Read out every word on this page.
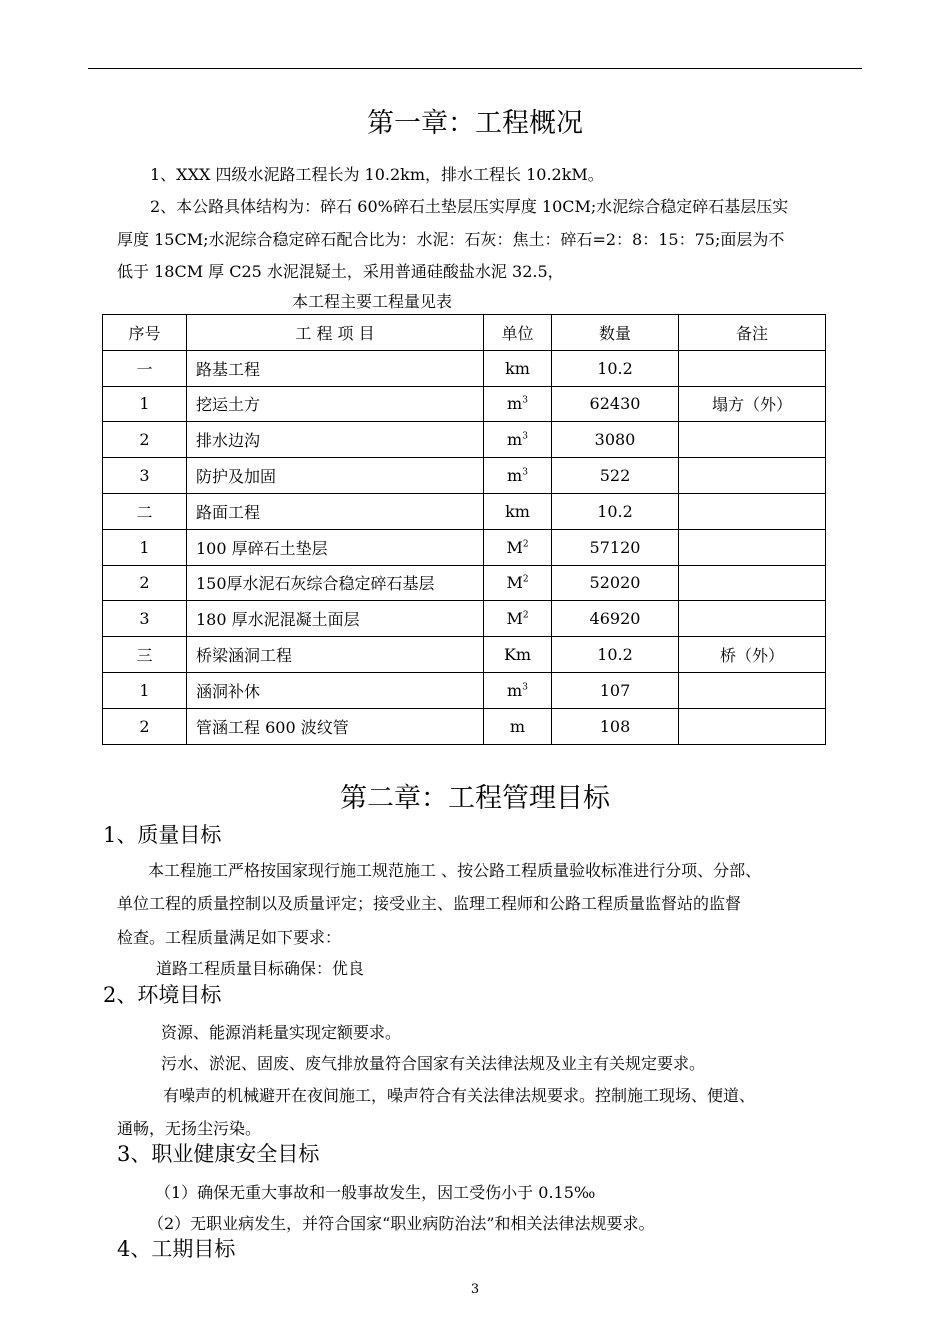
第一章：工程概况
1、XXX 四级水泥路工程长为 10.2km，排水工程长 10.2kM。
2、本公路具体结构为：碎石 60%碎石土垫层压实厚度 10CM;水泥综合稳定碎石基层压实
厚度 15CM;水泥综合稳定碎石配合比为：水泥：石灰：焦土：碎石=2：8：15：75;面层为不
低于 18CM 厚 C25 水泥混疑土，采用普通硅酸盐水泥 32.5，
本工程主要工程量见表
序号	工 程 项 目	单位	数量	备注
一	路基工程	km	10.2	
1	挖运土方	$m^3$	62430	塌方（外）
2	排水边沟	$m^3$	3080	
3	防护及加固	$m^3$	522	
二	路面工程	km	10.2	
1	100 厚碎石土垫层	$M^2$	57120	
2	150厚水泥石灰综合稳定碎石基层	$M^2$	52020	
3	180 厚水泥混凝土面层	$M^2$	46920	
三	桥梁涵洞工程	Km	10.2	桥（外）
1	涵洞补休	$m^3$	107	
2	管涵工程 600 波纹管	m	108	
第二章：工程管理目标
1、质量目标
本工程施工严格按国家现行施工规范施工 、按公路工程质量验收标准进行分项、分部、
单位工程的质量控制以及质量评定；接受业主、监理工程师和公路工程质量监督站的监督
检查。工程质量满足如下要求：
道路工程质量目标确保：优良
2、环境目标
资源、能源消耗量实现定额要求。
污水、淤泥、固废、废气排放量符合国家有关法律法规及业主有关规定要求。
有噪声的机械避开在夜间施工，噪声符合有关法律法规要求。控制施工现场、便道、
通畅，无扬尘污染。
3、职业健康安全目标
（1）确保无重大事故和一般事故发生，因工受伤小于 0.15‰
（2）无职业病发生，并符合国家“职业病防治法”和相关法律法规要求。
4、工期目标
3
